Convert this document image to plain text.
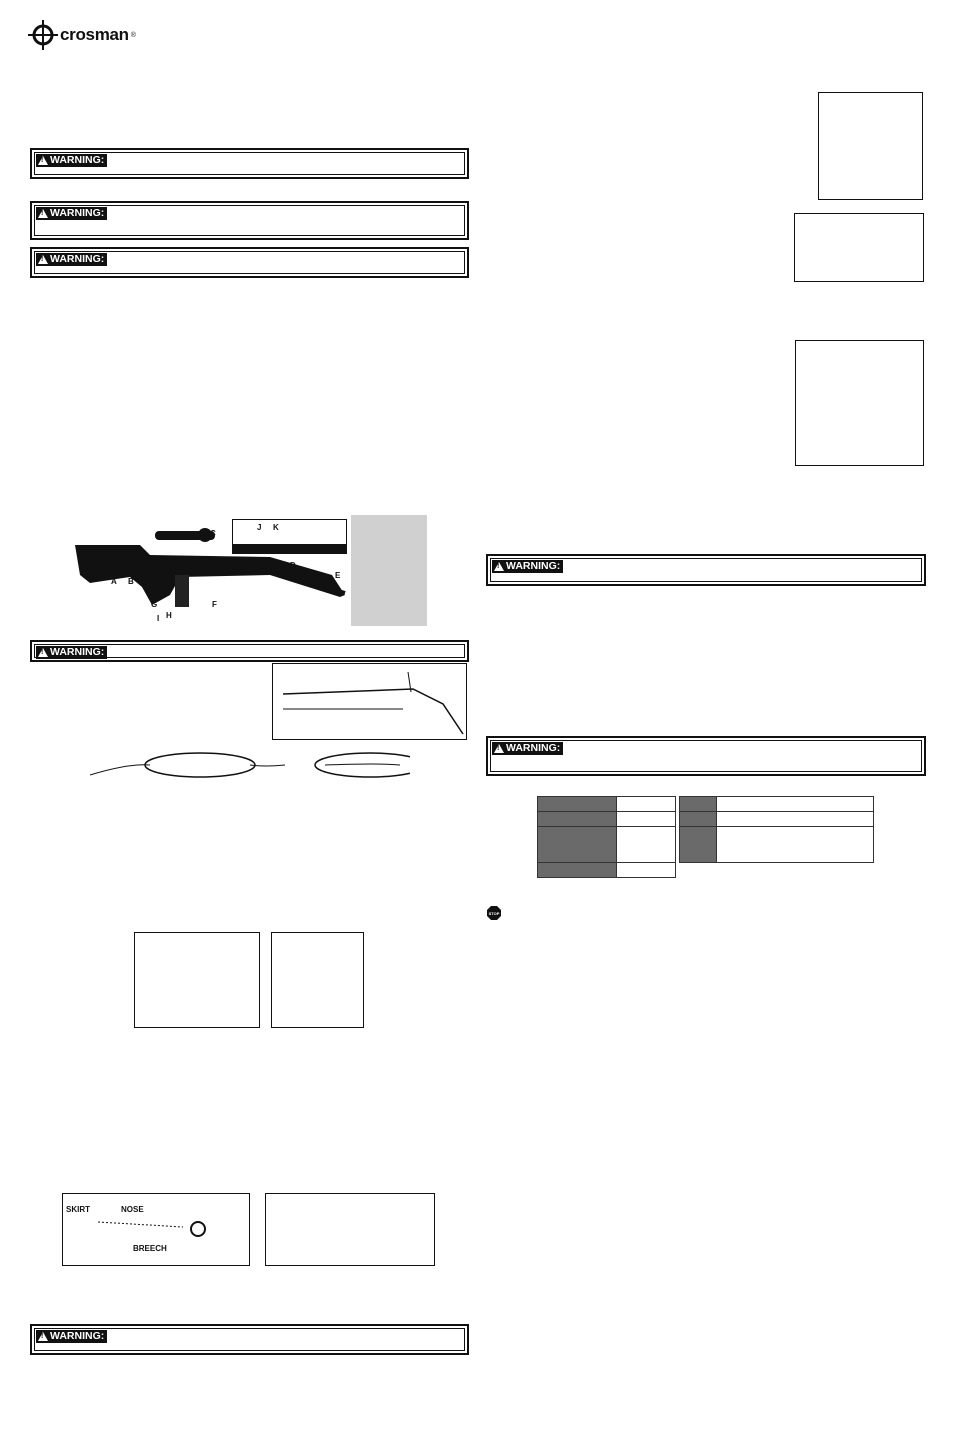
crosman ®
!
WARNING:
!
WARNING:
!
WARNING:
!
WARNING:
!
WARNING:
!
WARNING:
!
WARNING:
A B
C
D
E
F
G
H
I
J K
SKIRT	NOSE
BREECH

STOP
